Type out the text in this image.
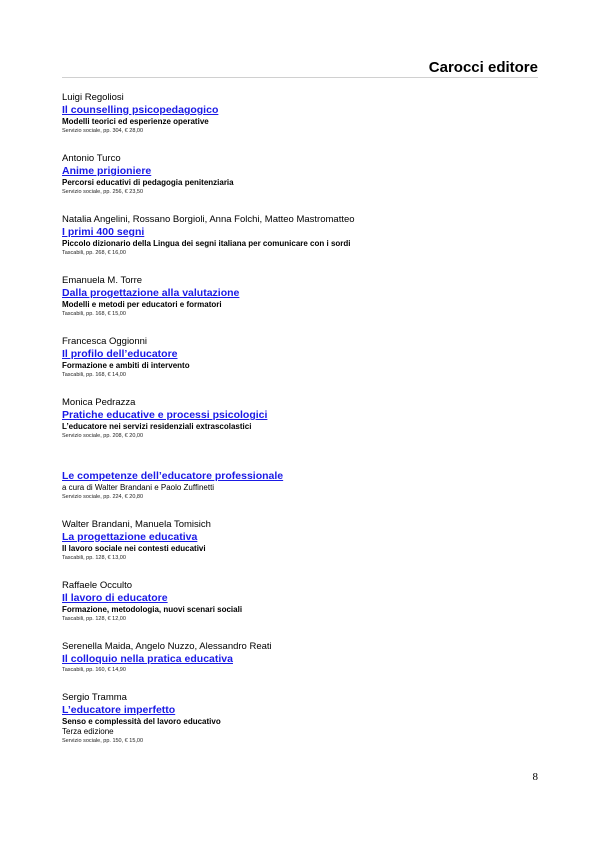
Carocci editore
Luigi Regoliosi
Il counselling psicopedagogico
Modelli teorici ed esperienze operative
Servizio sociale, pp. 304, € 28,00
Antonio Turco
Anime prigioniere
Percorsi educativi di pedagogia penitenziaria
Servizio sociale, pp. 256, € 23,50
Natalia Angelini, Rossano Borgioli, Anna Folchi, Matteo Mastromatteo
I primi 400 segni
Piccolo dizionario della Lingua dei segni italiana per comunicare con i sordi
Tascabili, pp. 268, € 16,00
Emanuela M. Torre
Dalla progettazione alla valutazione
Modelli e metodi per educatori e formatori
Tascabili, pp. 168, € 15,00
Francesca Oggionni
Il profilo dell’educatore
Formazione e ambiti di intervento
Tascabili, pp. 168, € 14,00
Monica Pedrazza
Pratiche educative e processi psicologici
L’educatore nei servizi residenziali extrascolastici
Servizio sociale, pp. 208, € 20,00
Le competenze dell’educatore professionale
a cura di Walter Brandani e Paolo Zuffinetti
Servizio sociale, pp. 224, € 20,80
Walter Brandani, Manuela Tomisich
La progettazione educativa
Il lavoro sociale nei contesti educativi
Tascabili, pp. 128, € 13,00
Raffaele Occulto
Il lavoro di educatore
Formazione, metodologia, nuovi scenari sociali
Tascabili, pp. 128, € 12,00
Serenella Maida, Angelo Nuzzo, Alessandro Reati
Il colloquio nella pratica educativa
Tascabili, pp. 160, € 14,90
Sergio Tramma
L’educatore imperfetto
Senso e complessità del lavoro educativo
Terza edizione
Servizio sociale, pp. 150, € 15,00
8
